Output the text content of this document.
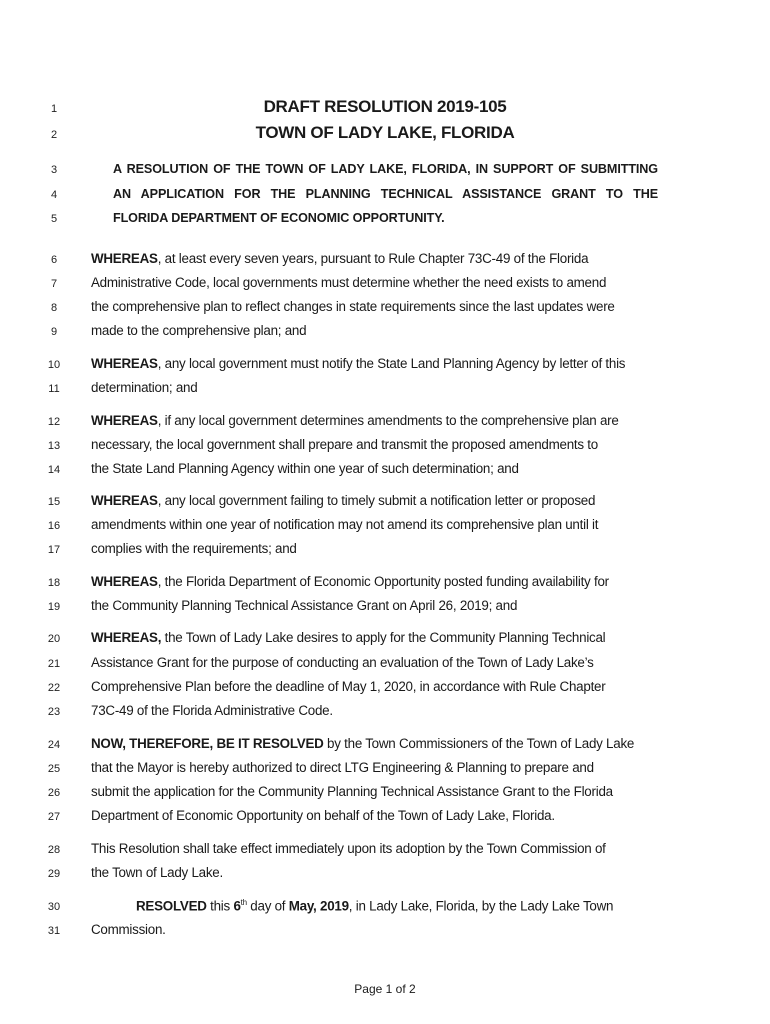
1
2
3
4
5
6
7
8
9
10
11
12
13
14
15
16
17
18
19
20
21
22
23
24
25
26
27
28
29
30
31
DRAFT RESOLUTION 2019-105
TOWN OF LADY LAKE, FLORIDA
A RESOLUTION OF THE TOWN OF LADY LAKE, FLORIDA, IN SUPPORT OF SUBMITTING
AN APPLICATION FOR THE PLANNING TECHNICAL ASSISTANCE GRANT TO THE
FLORIDA DEPARTMENT OF ECONOMIC OPPORTUNITY.
WHEREAS, at least every seven years, pursuant to Rule Chapter 73C-49 of the Florida
Administrative Code, local governments must determine whether the need exists to amend
the comprehensive plan to reflect changes in state requirements since the last updates were
made to the comprehensive plan; and
WHEREAS, any local government must notify the State Land Planning Agency by letter of this
determination; and
WHEREAS, if any local government determines amendments to the comprehensive plan are
necessary, the local government shall prepare and transmit the proposed amendments to
the State Land Planning Agency within one year of such determination; and
WHEREAS, any local government failing to timely submit a notification letter or proposed
amendments within one year of notification may not amend its comprehensive plan until it
complies with the requirements; and
WHEREAS, the Florida Department of Economic Opportunity posted funding availability for
the Community Planning Technical Assistance Grant on April 26, 2019; and
WHEREAS, the Town of Lady Lake desires to apply for the Community Planning Technical
Assistance Grant for the purpose of conducting an evaluation of the Town of Lady Lake’s
Comprehensive Plan before the deadline of May 1, 2020, in accordance with Rule Chapter
73C-49 of the Florida Administrative Code.
NOW, THEREFORE, BE IT RESOLVED by the Town Commissioners of the Town of Lady Lake
that the Mayor is hereby authorized to direct LTG Engineering & Planning to prepare and
submit the application for the Community Planning Technical Assistance Grant to the Florida
Department of Economic Opportunity on behalf of the Town of Lady Lake, Florida.
This Resolution shall take effect immediately upon its adoption by the Town Commission of
the Town of Lady Lake.
RESOLVED this 6th day of May, 2019, in Lady Lake, Florida, by the Lady Lake Town
Commission.
Page 1 of 2
